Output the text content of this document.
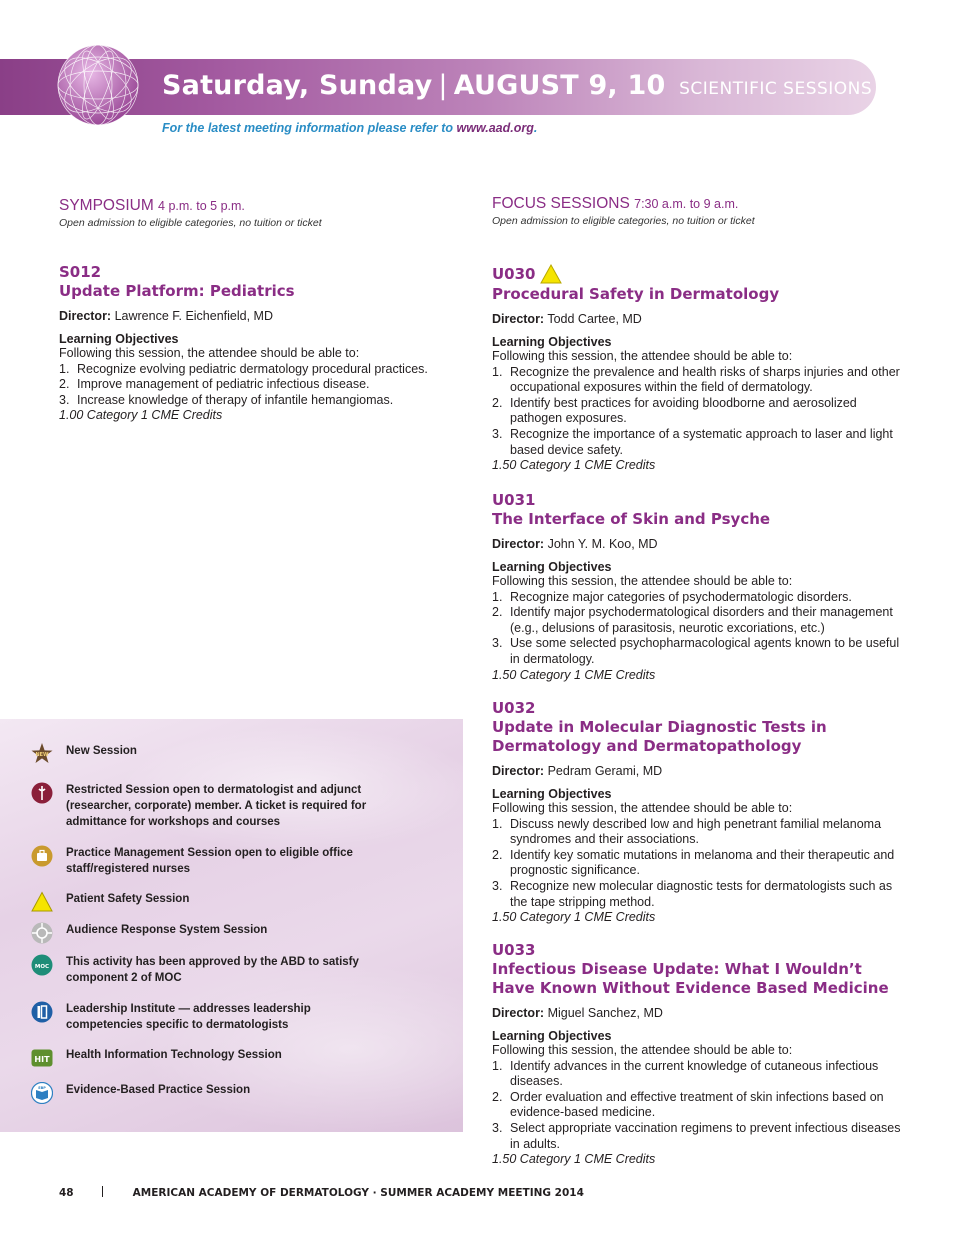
Saturday, Sunday | AUGUST 9, 10 SCIENTIFIC SESSIONS
For the latest meeting information please refer to www.aad.org.
SYMPOSIUM 4 p.m. to 5 p.m.
Open admission to eligible categories, no tuition or ticket
S012
Update Platform: Pediatrics
Director: Lawrence F. Eichenfield, MD
Learning Objectives
Following this session, the attendee should be able to:
1. Recognize evolving pediatric dermatology procedural practices.
2. Improve management of pediatric infectious disease.
3. Increase knowledge of therapy of infantile hemangiomas.
1.00 Category 1 CME Credits
FOCUS SESSIONS 7:30 a.m. to 9 a.m.
Open admission to eligible categories, no tuition or ticket
U030
Procedural Safety in Dermatology
Director: Todd Cartee, MD
Learning Objectives
Following this session, the attendee should be able to:
1. Recognize the prevalence and health risks of sharps injuries and other occupational exposures within the field of dermatology.
2. Identify best practices for avoiding bloodborne and aerosolized pathogen exposures.
3. Recognize the importance of a systematic approach to laser and light based device safety.
1.50 Category 1 CME Credits
U031
The Interface of Skin and Psyche
Director: John Y. M. Koo, MD
Learning Objectives
Following this session, the attendee should be able to:
1. Recognize major categories of psychodermatologic disorders.
2. Identify major psychodermatological disorders and their management (e.g., delusions of parasitosis, neurotic excoriations, etc.)
3. Use some selected psychopharmacological agents known to be useful in dermatology.
1.50 Category 1 CME Credits
U032
Update in Molecular Diagnostic Tests in Dermatology and Dermatopathology
Director: Pedram Gerami, MD
Learning Objectives
Following this session, the attendee should be able to:
1. Discuss newly described low and high penetrant familial melanoma syndromes and their associations.
2. Identify key somatic mutations in melanoma and their therapeutic and prognostic significance.
3. Recognize new molecular diagnostic tests for dermatologists such as the tape stripping method.
1.50 Category 1 CME Credits
U033
Infectious Disease Update: What I Wouldn’t Have Known Without Evidence Based Medicine
Director: Miguel Sanchez, MD
Learning Objectives
Following this session, the attendee should be able to:
1. Identify advances in the current knowledge of cutaneous infectious diseases.
2. Order evaluation and effective treatment of skin infections based on evidence-based medicine.
3. Select appropriate vaccination regimens to prevent infectious diseases in adults.
1.50 Category 1 CME Credits
NEW New Session
Restricted Session open to dermatologist and adjunct (researcher, corporate) member. A ticket is required for admittance for workshops and courses
Practice Management Session open to eligible office staff/registered nurses
Patient Safety Session
Audience Response System Session
MOC This activity has been approved by the ABD to satisfy component 2 of MOC
Leadership Institute — addresses leadership competencies specific to dermatologists
HIT Health Information Technology Session
EBP Evidence-Based Practice Session
48	AMERICAN ACADEMY OF DERMATOLOGY · SUMMER ACADEMY MEETING 2014
